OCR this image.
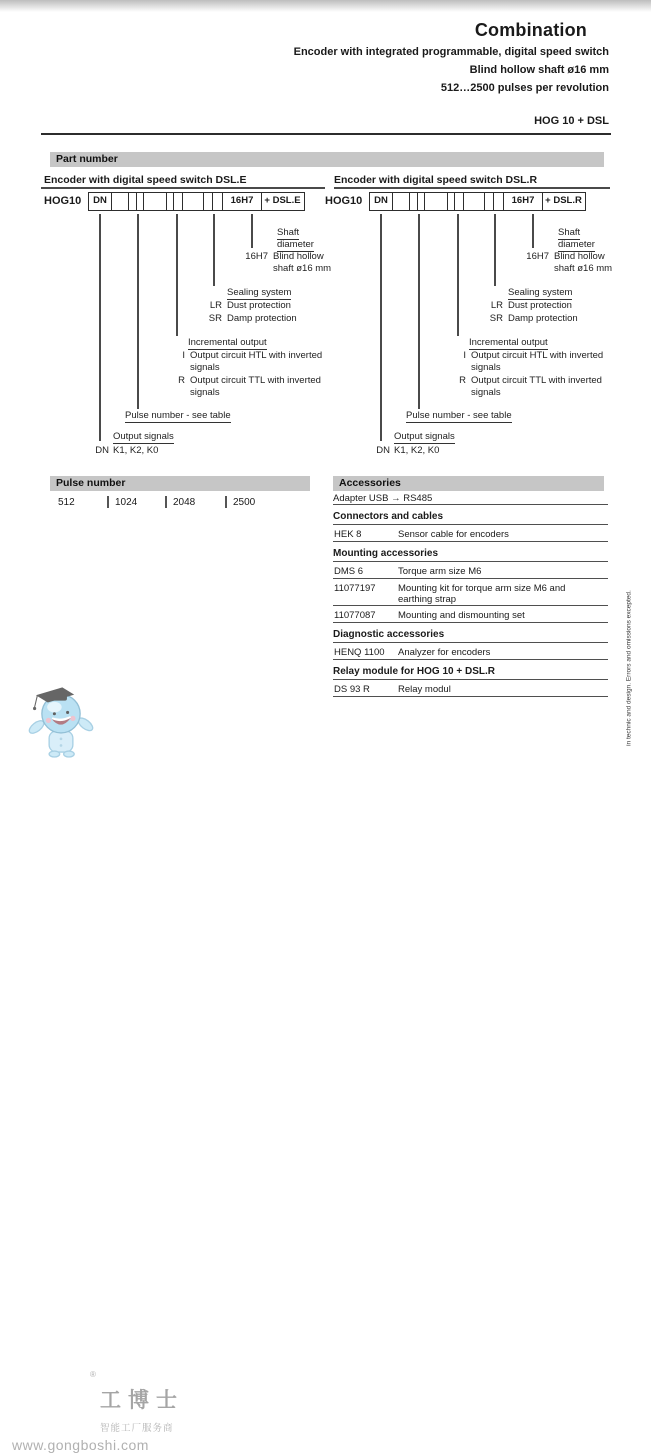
Combination
Encoder with integrated programmable, digital speed switch
Blind hollow shaft ø16 mm
512…2500 pulses per revolution
HOG 10 + DSL
Part number
Encoder with digital speed switch DSL.E	Encoder with digital speed switch DSL.R
HOG10	DN	16H7	+ DSL.E
Shaft
diameter
16H7 Blind hollow
shaft ø16 mm
Sealing system
LR Dust protection
SR Damp protection
Incremental output
I Output circuit HTL with inverted
signals
R Output circuit TTL with inverted
signals
Pulse number - see table
Output signals
DN K1, K2, K0
HOG10	DN	16H7	+ DSL.R
Shaft
diameter
16H7 Blind hollow
shaft ø16 mm
Sealing system
LR Dust protection
SR Damp protection
Incremental output
I Output circuit HTL with inverted
signals
R Output circuit TTL with inverted
signals
Pulse number - see table
Output signals
DN K1, K2, K0
Pulse number
512	1024	2048	2500
Accessories
Adapter USB → RS485
Connectors and cables
HEK 8	Sensor cable for encoders
Mounting accessories
DMS 6	Torque arm size M6
11077197	Mounting kit for torque arm size M6 and earthing strap
11077087	Mounting and dismounting set
Diagnostic accessories
HENQ 1100	Analyzer for encoders
Relay module for HOG 10 + DSL.R
DS 93 R	Relay modul	in technic and design. Errors and omissions excepted.
®
工博士
智能工厂服务商
www.gongboshi.com
